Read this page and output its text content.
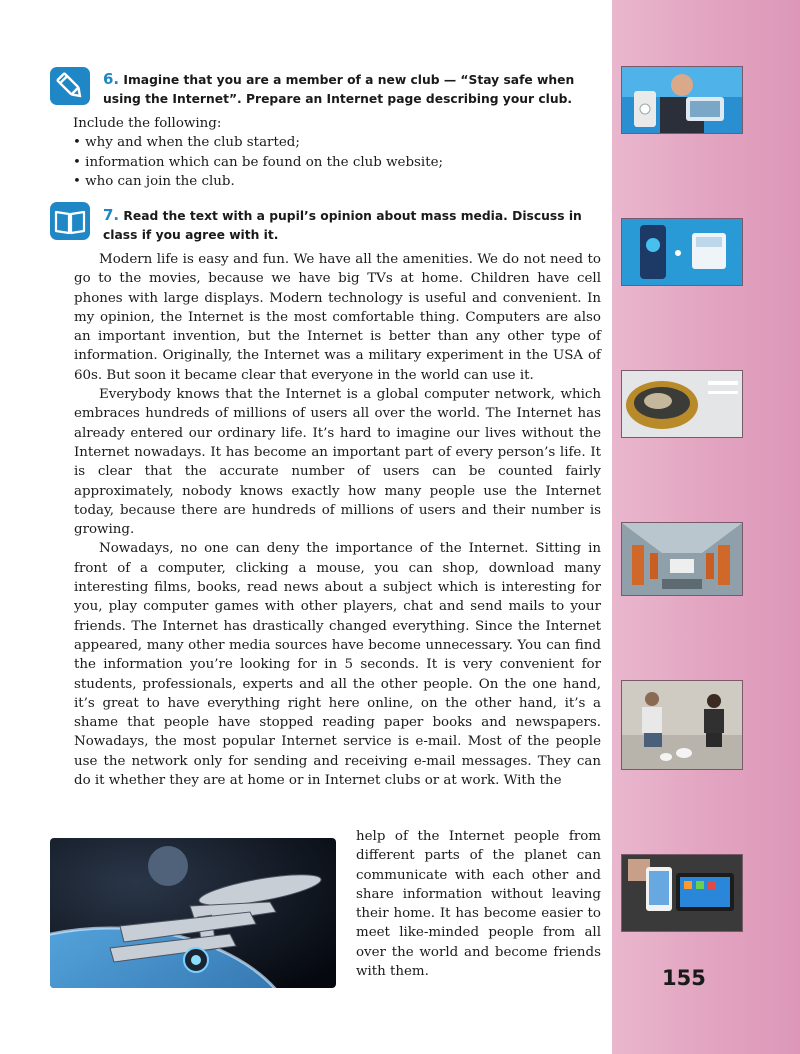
6. Imagine that you are a member of a new club — “Stay safe when using the Internet”. Prepare an Internet page describing your club.

Include the following:
• why and when the club started;
• information which can be found on the club website;
• who can join the club.

7. Read the text with a pupil’s opinion about mass media. Discuss in class if you agree with it.

Modern life is easy and fun. We have all the amenities. We do not need to go to the movies, because we have big TVs at home. Children have cell phones with large displays. Modern technology is useful and convenient. In my opinion, the Internet is the most comfortable thing. Computers are also an important invention, but the Internet is better than any other type of information. Originally, the Internet was a military experiment in the USA of 60s. But soon it became clear that everyone in the world can use it.

Everybody knows that the Internet is a global computer network, which embraces hundreds of millions of users all over the world. The Internet has already entered our ordinary life. It’s hard to imagine our lives without the Internet nowadays. It has become an important part of every person’s life. It is clear that the accurate number of users can be counted fairly approximately, nobody knows exactly how many people use the Internet today, because there are hundreds of millions of users and their number is growing.

Nowadays, no one can deny the importance of the Internet. Sitting in front of a computer, clicking a mouse, you can shop, download many interesting films, books, read news about a subject which is interesting for you, play computer games with other players, chat and send mails to your friends. The Internet has drastically changed everything. Since the Internet appeared, many other media sources have become unnecessary. You can find the information you’re looking for in 5 seconds. It is very convenient for students, professionals, experts and all the other people. On the one hand, it’s great to have everything right here online, on the other hand, it’s a shame that people have stopped reading paper books and newspapers. Nowadays, the most popular Internet service is e-mail. Most of the people use the network only for sending and receiving e-mail messages. They can do it whether they are at home or in Internet clubs or at work. With the

help of the Internet people from different parts of the planet can communicate with each other and share information without leaving their home. It has become easier to meet like-minded people from all over the world and become friends with them.	155
